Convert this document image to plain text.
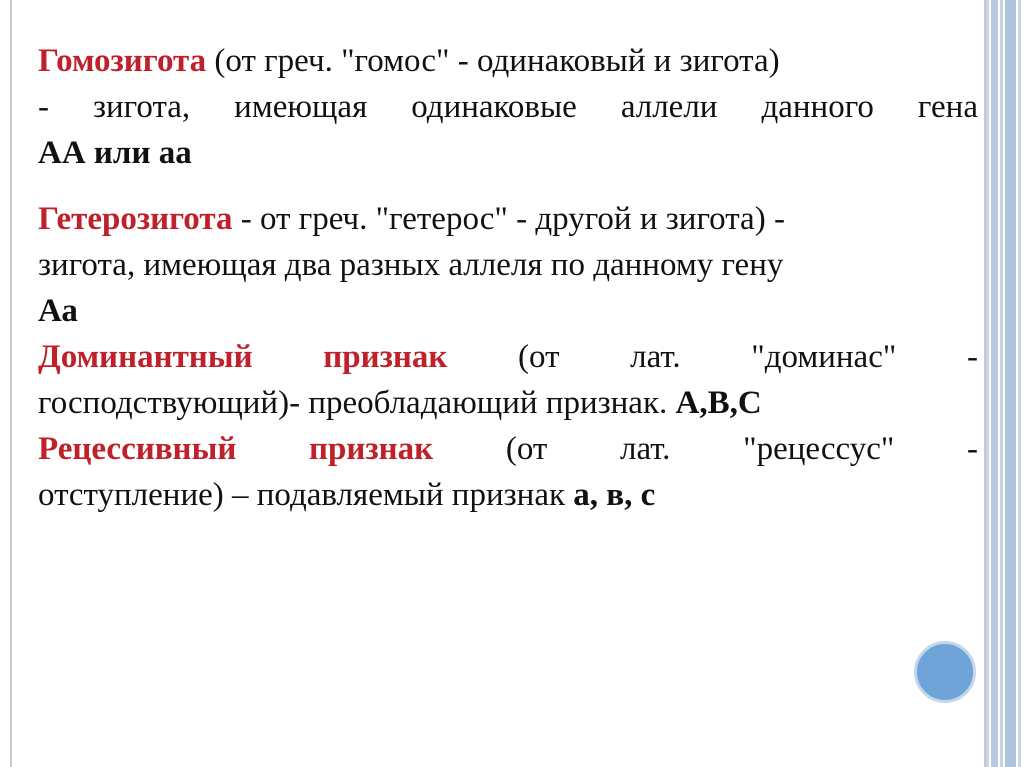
Гомозигота (от греч. "гомос" - одинаковый и зигота)
- зигота, имеющая одинаковые аллели данного гена
АА или аа

Гетерозигота - от греч. "гетерос" - другой и зигота) -
зигота, имеющая два разных аллеля по данному гену
Аа

Доминантный признак (от лат. "доминас" -
господствующий)- преобладающий признак. А,В,С

Рецессивный признак (от лат. "рецессус" -
отступление) – подавляемый признак а, в, с
